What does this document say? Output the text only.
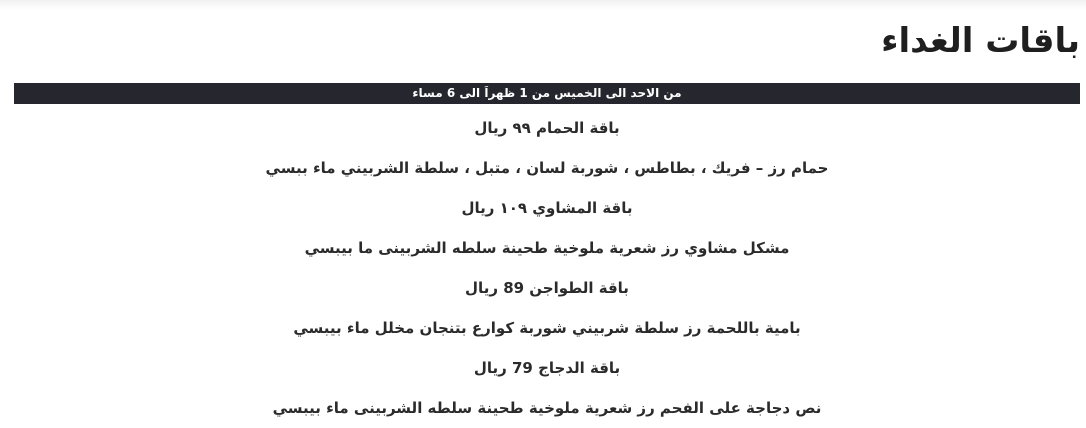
باقات الغداء
من الاحد الى الخميس من 1 ظهراَ الى 6 مساء
باقة الحمام ٩٩ ريال
حمام رز – فريك ، بطاطس ، شوربة لسان ، متبل ، سلطة الشربيني ماء ببسي
باقة المشاوي ١٠٩ ريال
مشكل مشاوي رز شعرية ملوخية طحينة سلطه الشربينى ما بيبسي
باقة الطواجن 89 ريال
بامية باللحمة رز سلطة شربيني شوربة كوارع بتنجان مخلل ماء بيبسي
باقة الدجاج 79 ريال
نص دجاجة على الفحم رز شعرية ملوخية طحينة سلطه الشربينى ماء بيبسي
